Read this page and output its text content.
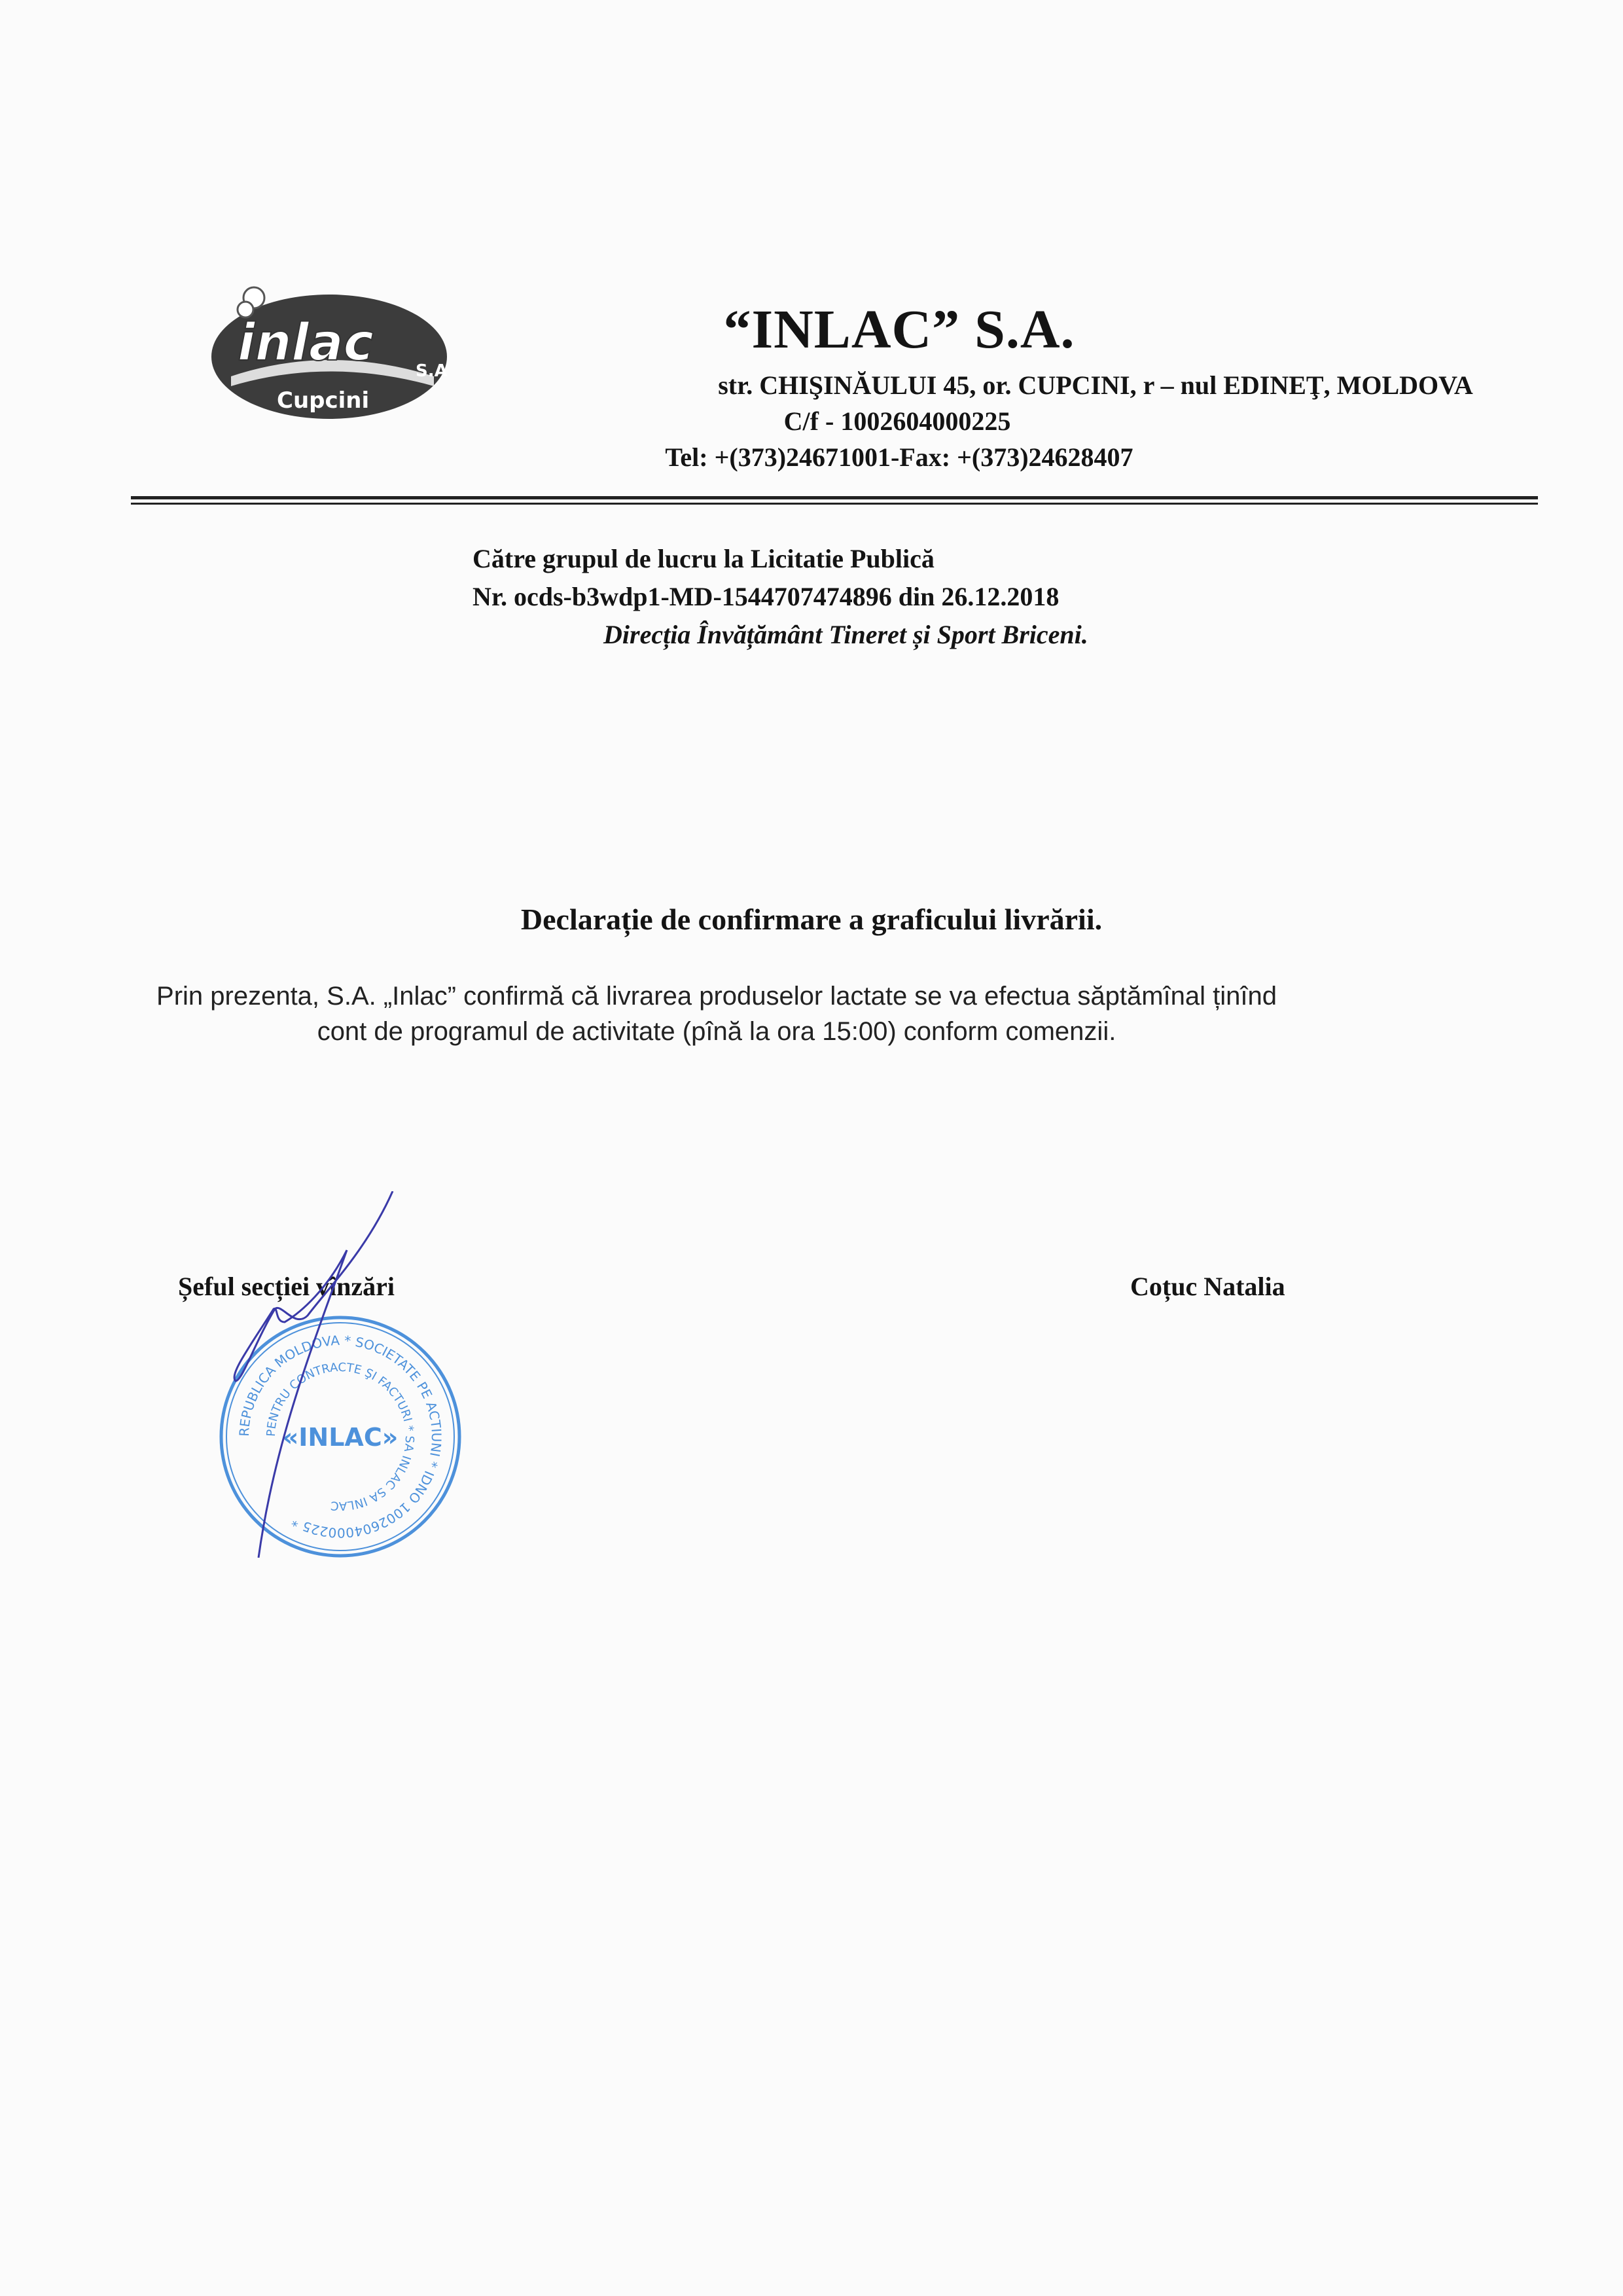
inlac S.A
Cupcini
“INLAC” S.A.
str. CHIŞINĂULUI 45, or. CUPCINI, r – nul EDINEŢ, MOLDOVA
C/f - 1002604000225
Tel: +(373)24671001-Fax: +(373)24628407
Către grupul de lucru la Licitatie Publică
Nr. ocds-b3wdp1-MD-1544707474896 din 26.12.2018
Direcția Învățământ Tineret și Sport Briceni.
Declarație de confirmare a graficului livrării.
Prin prezenta, S.A. „Inlac” confirmă că livrarea produselor lactate se va efectua săptămînal ținînd
cont de programul de activitate (pînă la ora 15:00) conform comenzii.
REPUBLICA MOLDOVA * SOCIETATE PE ACTIUNI * IDNO 1002604000225 *
PENTRU CONTRACTE ŞI FACTURI * SA INLAC SA INLAC
«INLAC»
Șeful secției vînzări	Coțuc Natalia
